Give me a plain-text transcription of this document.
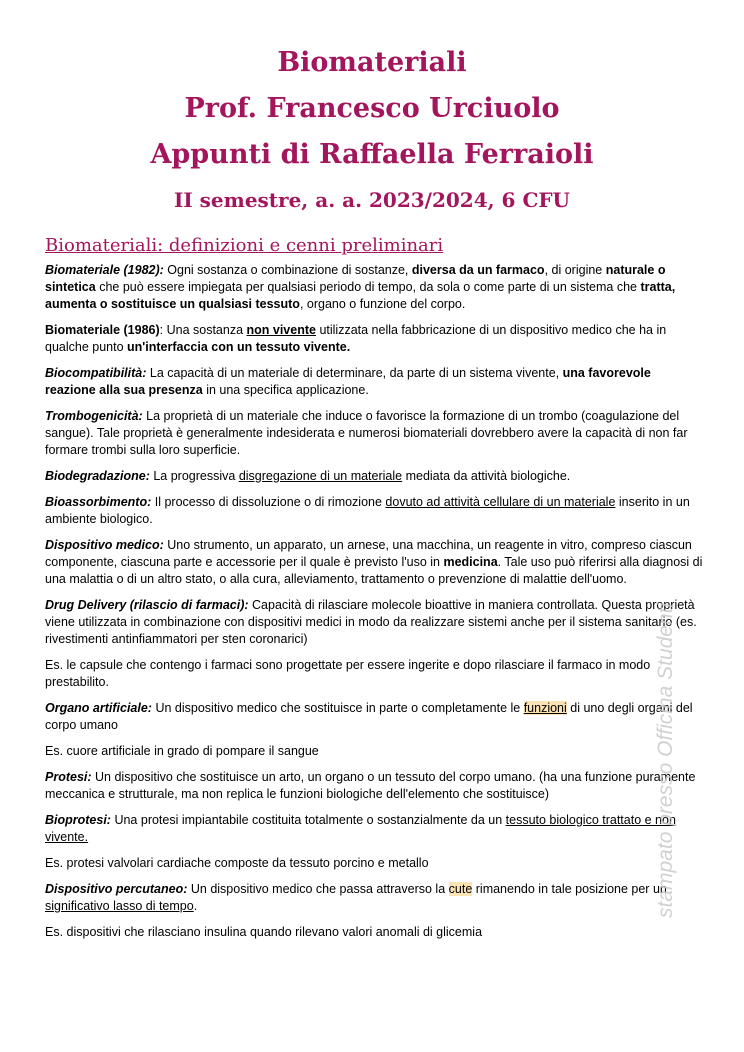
Biomateriali
Prof. Francesco Urciuolo
Appunti di Raffaella Ferraioli
II semestre, a. a. 2023/2024, 6 CFU
Biomateriali: definizioni e cenni preliminari

Biomateriale (1982): Ogni sostanza o combinazione di sostanze, diversa da un farmaco, di origine naturale o sintetica che può essere impiegata per qualsiasi periodo di tempo, da sola o come parte di un sistema che tratta, aumenta o sostituisce un qualsiasi tessuto, organo o funzione del corpo.

Biomateriale (1986): Una sostanza non vivente utilizzata nella fabbricazione di un dispositivo medico che ha in qualche punto un'interfaccia con un tessuto vivente.

Biocompatibilità: La capacità di un materiale di determinare, da parte di un sistema vivente, una favorevole reazione alla sua presenza in una specifica applicazione.

Trombogenicità: La proprietà di un materiale che induce o favorisce la formazione di un trombo (coagulazione del sangue). Tale proprietà è generalmente indesiderata e numerosi biomateriali dovrebbero avere la capacità di non far formare trombi sulla loro superficie.

Biodegradazione: La progressiva disgregazione di un materiale mediata da attività biologiche.

Bioassorbimento: Il processo di dissoluzione o di rimozione dovuto ad attività cellulare di un materiale inserito in un ambiente biologico.

Dispositivo medico: Uno strumento, un apparato, un arnese, una macchina, un reagente in vitro, compreso ciascun componente, ciascuna parte e accessorie per il quale è previsto l'uso in medicina. Tale uso può riferirsi alla diagnosi di una malattia o di un altro stato, o alla cura, alleviamento, trattamento o prevenzione di malattie dell'uomo.

Drug Delivery (rilascio di farmaci): Capacità di rilasciare molecole bioattive in maniera controllata. Questa proprietà viene utilizzata in combinazione con dispositivi medici in modo da realizzare sistemi anche per il sistema sanitario (es. rivestimenti antinfiammatori per sten coronarici)

Es. le capsule che contengo i farmaci sono progettate per essere ingerite e dopo rilasciare il farmaco in modo prestabilito.

Organo artificiale: Un dispositivo medico che sostituisce in parte o completamente le funzioni di uno degli organi del corpo umano

Es. cuore artificiale in grado di pompare il sangue

Protesi: Un dispositivo che sostituisce un arto, un organo o un tessuto del corpo umano. (ha una funzione puramente meccanica e strutturale, ma non replica le funzioni biologiche dell'elemento che sostituisce)

Bioprotesi: Una protesi impiantabile costituita totalmente o sostanzialmente da un tessuto biologico trattato e non vivente.

Es. protesi valvolari cardiache composte da tessuto porcino e metallo

Dispositivo percutaneo: Un dispositivo medico che passa attraverso la cute rimanendo in tale posizione per un significativo lasso di tempo.

Es. dispositivi che rilasciano insulina quando rilevano valori anomali di glicemia

stampato presso Officina Studenti
